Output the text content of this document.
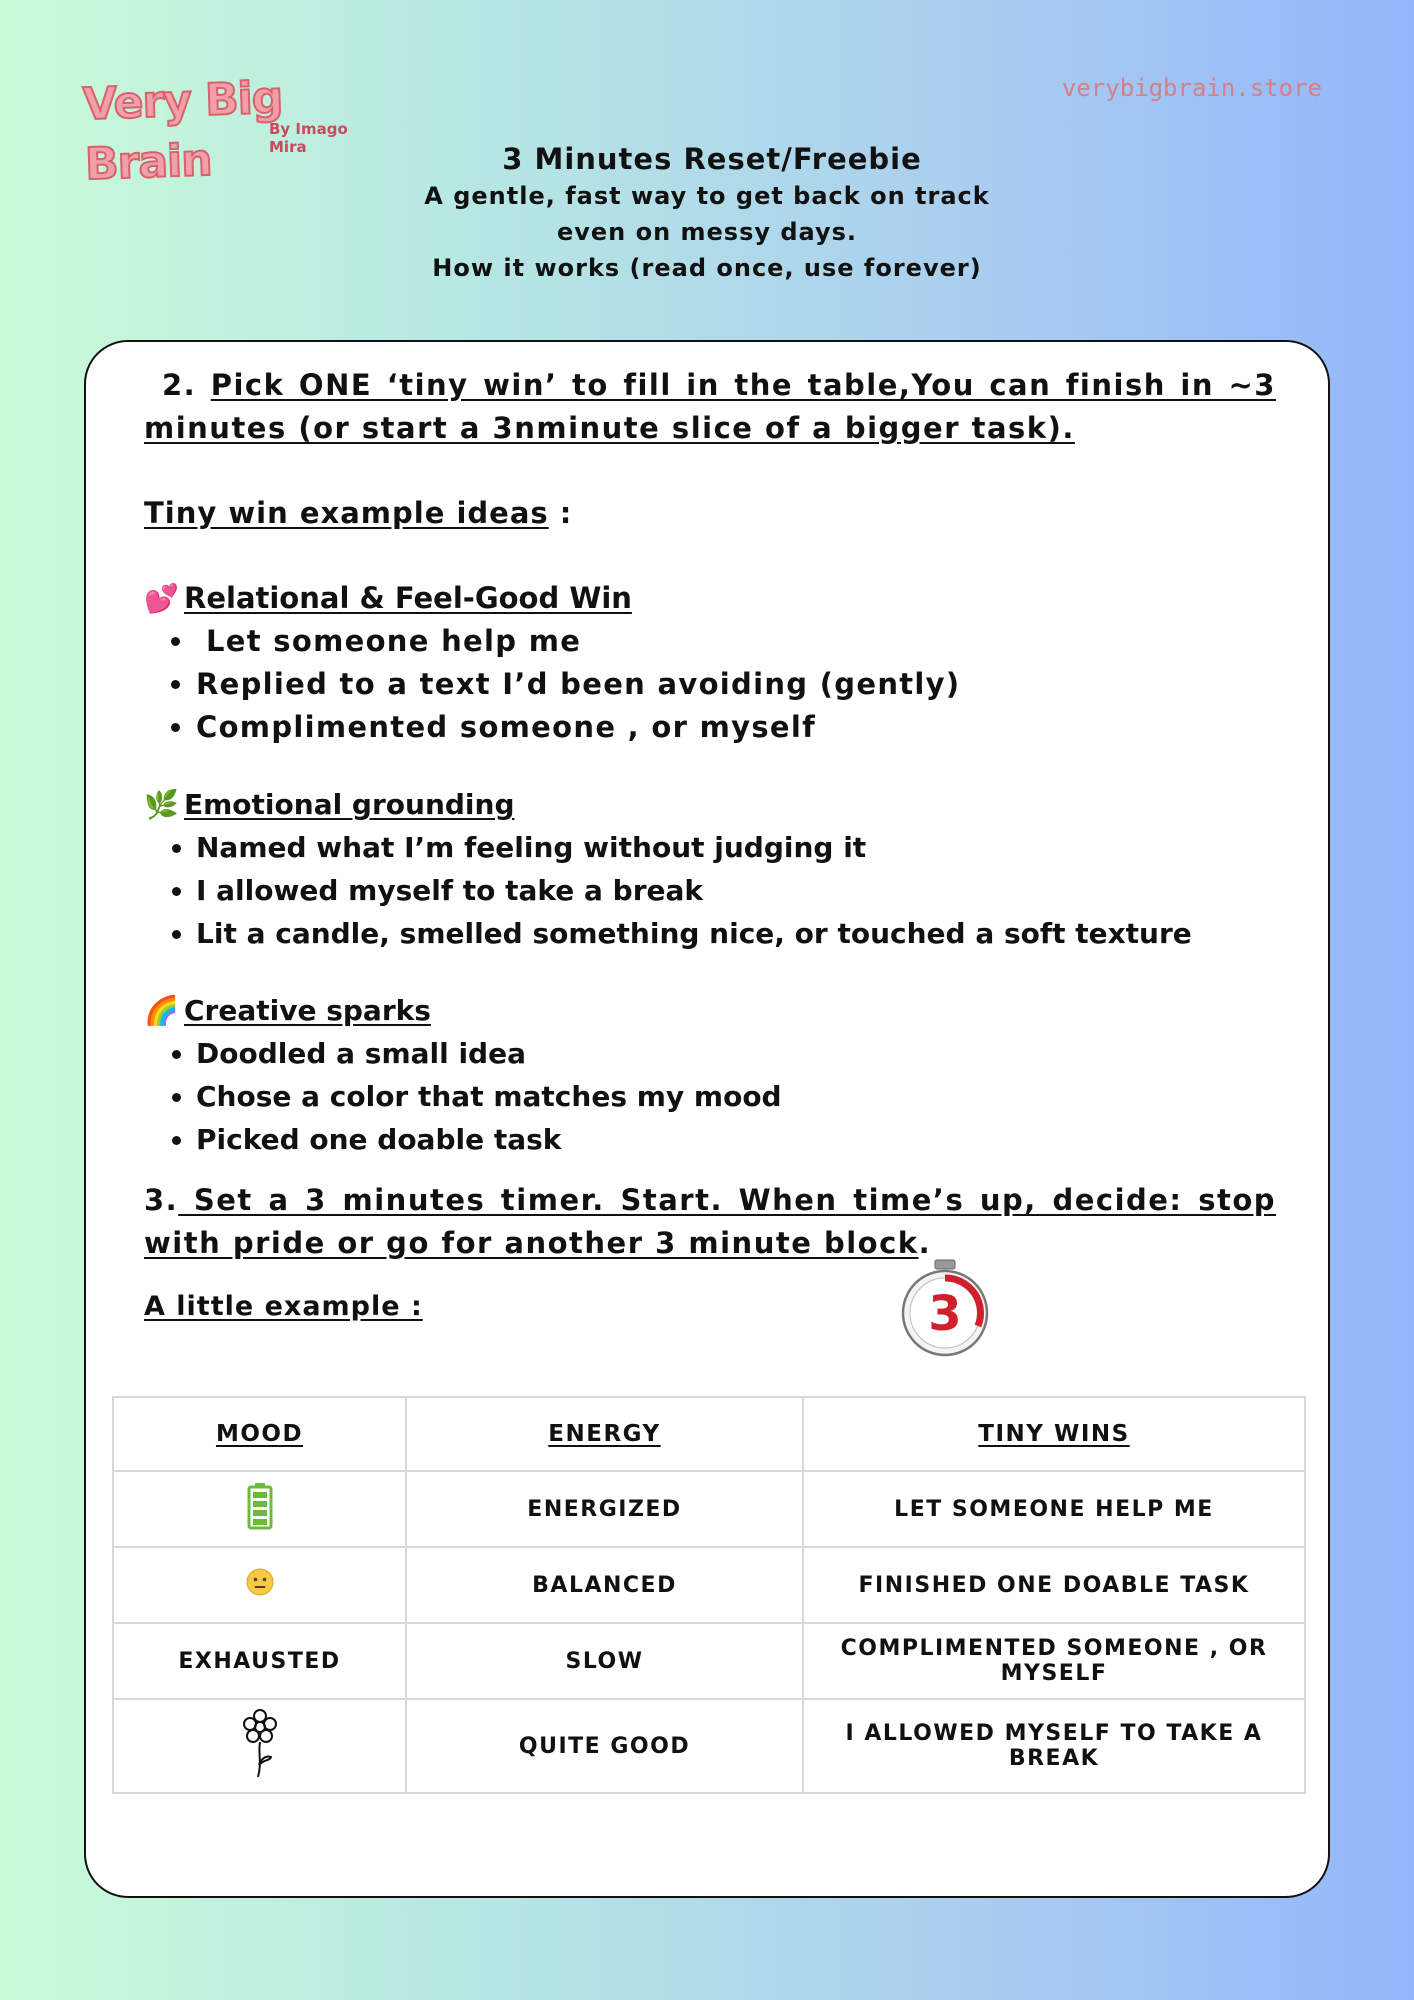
Very Big Brain
By Imago Mira
verybigbrain.store
3 Minutes Reset/Freebie
A gentle, fast way to get back on track
even on messy days.
How it works (read once, use forever)

2. Pick ONE ‘tiny win’ to fill in the table,You can finish in ~3 minutes (or start a 3nminute slice of a bigger task).

Tiny win example ideas :
💕 Relational & Feel-Good Win
• Let someone help me
• Replied to a text I’d been avoiding (gently)
• Complimented someone , or myself
🌿 Emotional grounding
• Named what I’m feeling without judging it
• I allowed myself to take a break
• Lit a candle, smelled something nice, or touched a soft texture
🌈 Creative sparks
• Doodled a small idea
• Chose a color that matches my mood
• Picked one doable task

3. Set a 3 minutes timer. Start. When time’s up, decide: stop with pride or go for another 3 minute block.

A little example :	3
MOOD	ENERGY	TINY WINS
	ENERGIZED	LET SOMEONE HELP ME
	BALANCED	FINISHED ONE DOABLE TASK
EXHAUSTED	SLOW	COMPLIMENTED SOMEONE , OR MYSELF
	QUITE GOOD	I ALLOWED MYSELF TO TAKE A BREAK
